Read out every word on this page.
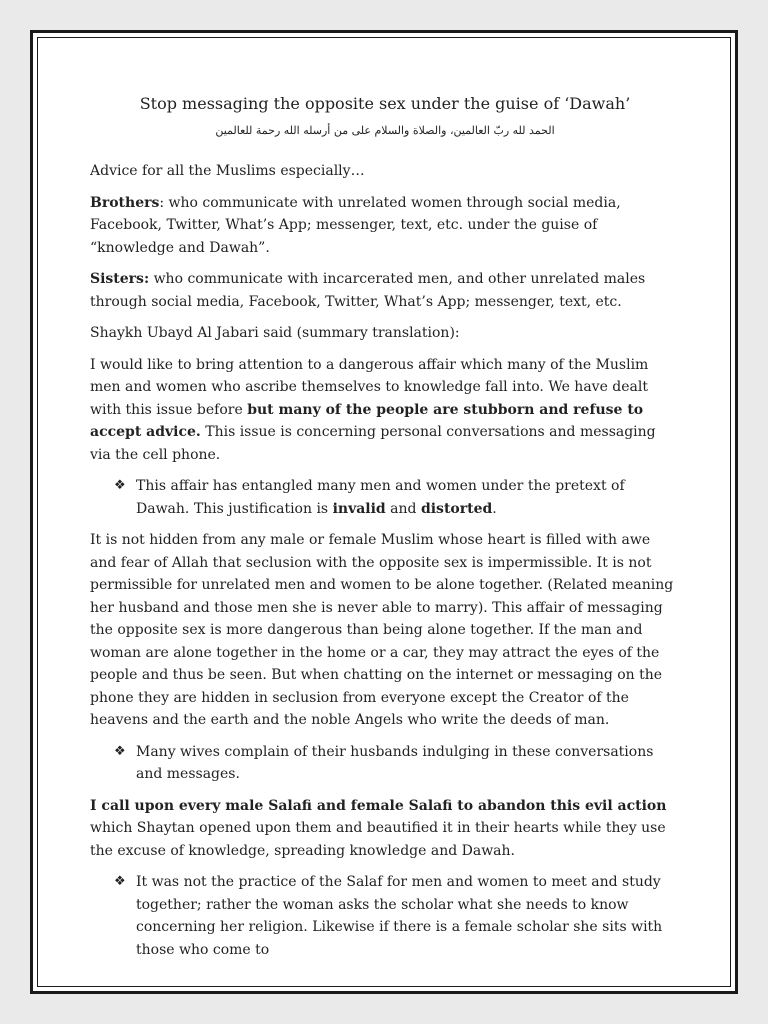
Stop messaging the opposite sex under the guise of ‘Dawah’
الحمد لله ربّ العالمين، والصلاة والسلام على من أرسله الله رحمة للعالمين

Advice for all the Muslims especially…

Brothers: who communicate with unrelated women through social media, Facebook, Twitter, What’s App; messenger, text, etc. under the guise of “knowledge and Dawah”.

Sisters: who communicate with incarcerated men, and other unrelated males through social media, Facebook, Twitter, What’s App; messenger, text, etc.

Shaykh Ubayd Al Jabari said (summary translation):

I would like to bring attention to a dangerous affair which many of the Muslim men and women who ascribe themselves to knowledge fall into. We have dealt with this issue before but many of the people are stubborn and refuse to accept advice. This issue is concerning personal conversations and messaging via the cell phone.

❖ This affair has entangled many men and women under the pretext of Dawah. This justification is invalid and distorted.

It is not hidden from any male or female Muslim whose heart is filled with awe and fear of Allah that seclusion with the opposite sex is impermissible. It is not permissible for unrelated men and women to be alone together. (Related meaning her husband and those men she is never able to marry). This affair of messaging the opposite sex is more dangerous than being alone together. If the man and woman are alone together in the home or a car, they may attract the eyes of the people and thus be seen. But when chatting on the internet or messaging on the phone they are hidden in seclusion from everyone except the Creator of the heavens and the earth and the noble Angels who write the deeds of man.

❖ Many wives complain of their husbands indulging in these conversations and messages.

I call upon every male Salafi and female Salafi to abandon this evil action which Shaytan opened upon them and beautified it in their hearts while they use the excuse of knowledge, spreading knowledge and Dawah.

❖ It was not the practice of the Salaf for men and women to meet and study together; rather the woman asks the scholar what she needs to know concerning her religion. Likewise if there is a female scholar she sits with those who come to
